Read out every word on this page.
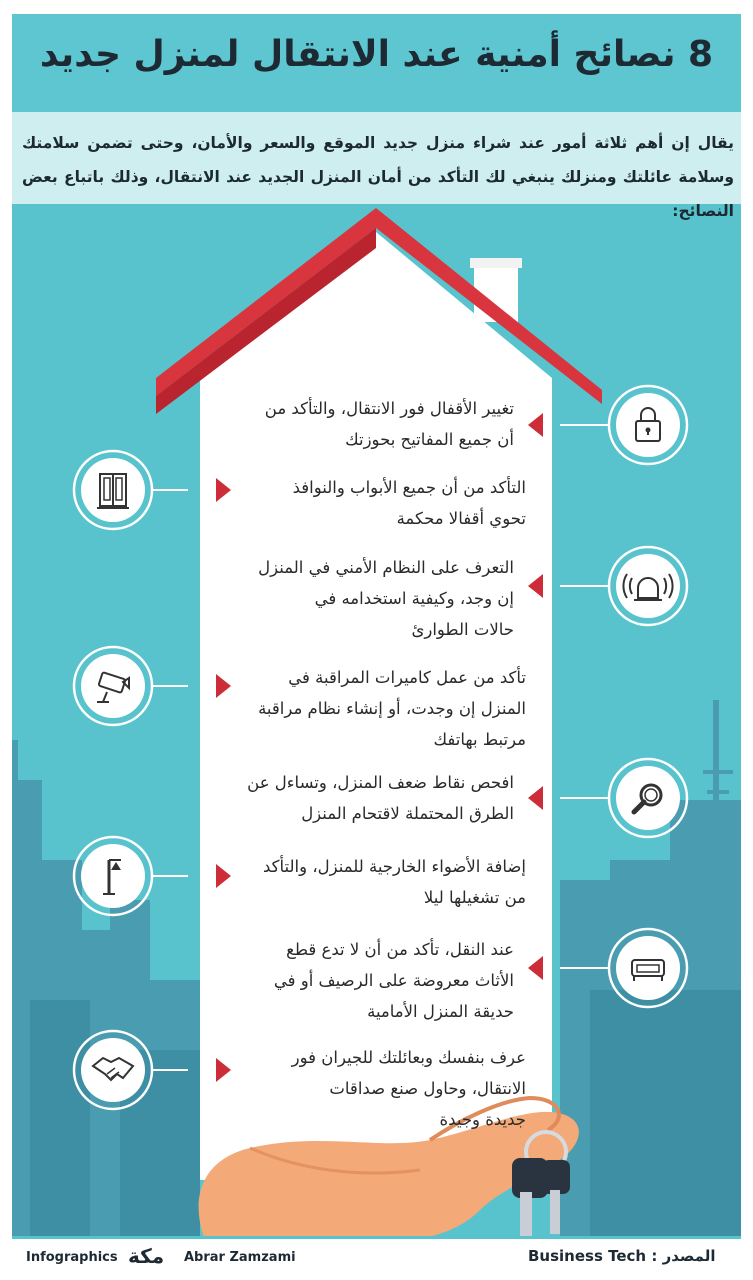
8 نصائح أمنية عند الانتقال لمنزل جديد
يقال إن أهم ثلاثة أمور عند شراء منزل جديد الموقع والسعر والأمان، وحتى تضمن سلامتك وسلامة عائلتك ومنزلك ينبغي لك التأكد من أمان المنزل الجديد عند الانتقال، وذلك باتباع بعض النصائح:
تغيير الأقفال فور الانتقال، والتأكد من
أن جميع المفاتيح بحوزتك
التأكد من أن جميع الأبواب والنوافذ
تحوي أقفالا محكمة
التعرف على النظام الأمني في المنزل
إن وجد، وكيفية استخدامه في
حالات الطوارئ
تأكد من عمل كاميرات المراقبة في
المنزل إن وجدت، أو إنشاء نظام مراقبة
مرتبط بهاتفك
افحص نقاط ضعف المنزل، وتساءل عن
الطرق المحتملة لاقتحام المنزل
إضافة الأضواء الخارجية للمنزل، والتأكد
من تشغيلها ليلا
عند النقل، تأكد من أن لا تدع قطع
الأثاث معروضة على الرصيف أو في
حديقة المنزل الأمامية
عرف بنفسك وبعائلتك للجيران فور
الانتقال، وحاول صنع صداقات
جديدة وجيدة
Infographics مكة Abrar Zamzami	المصدر : Business Tech
